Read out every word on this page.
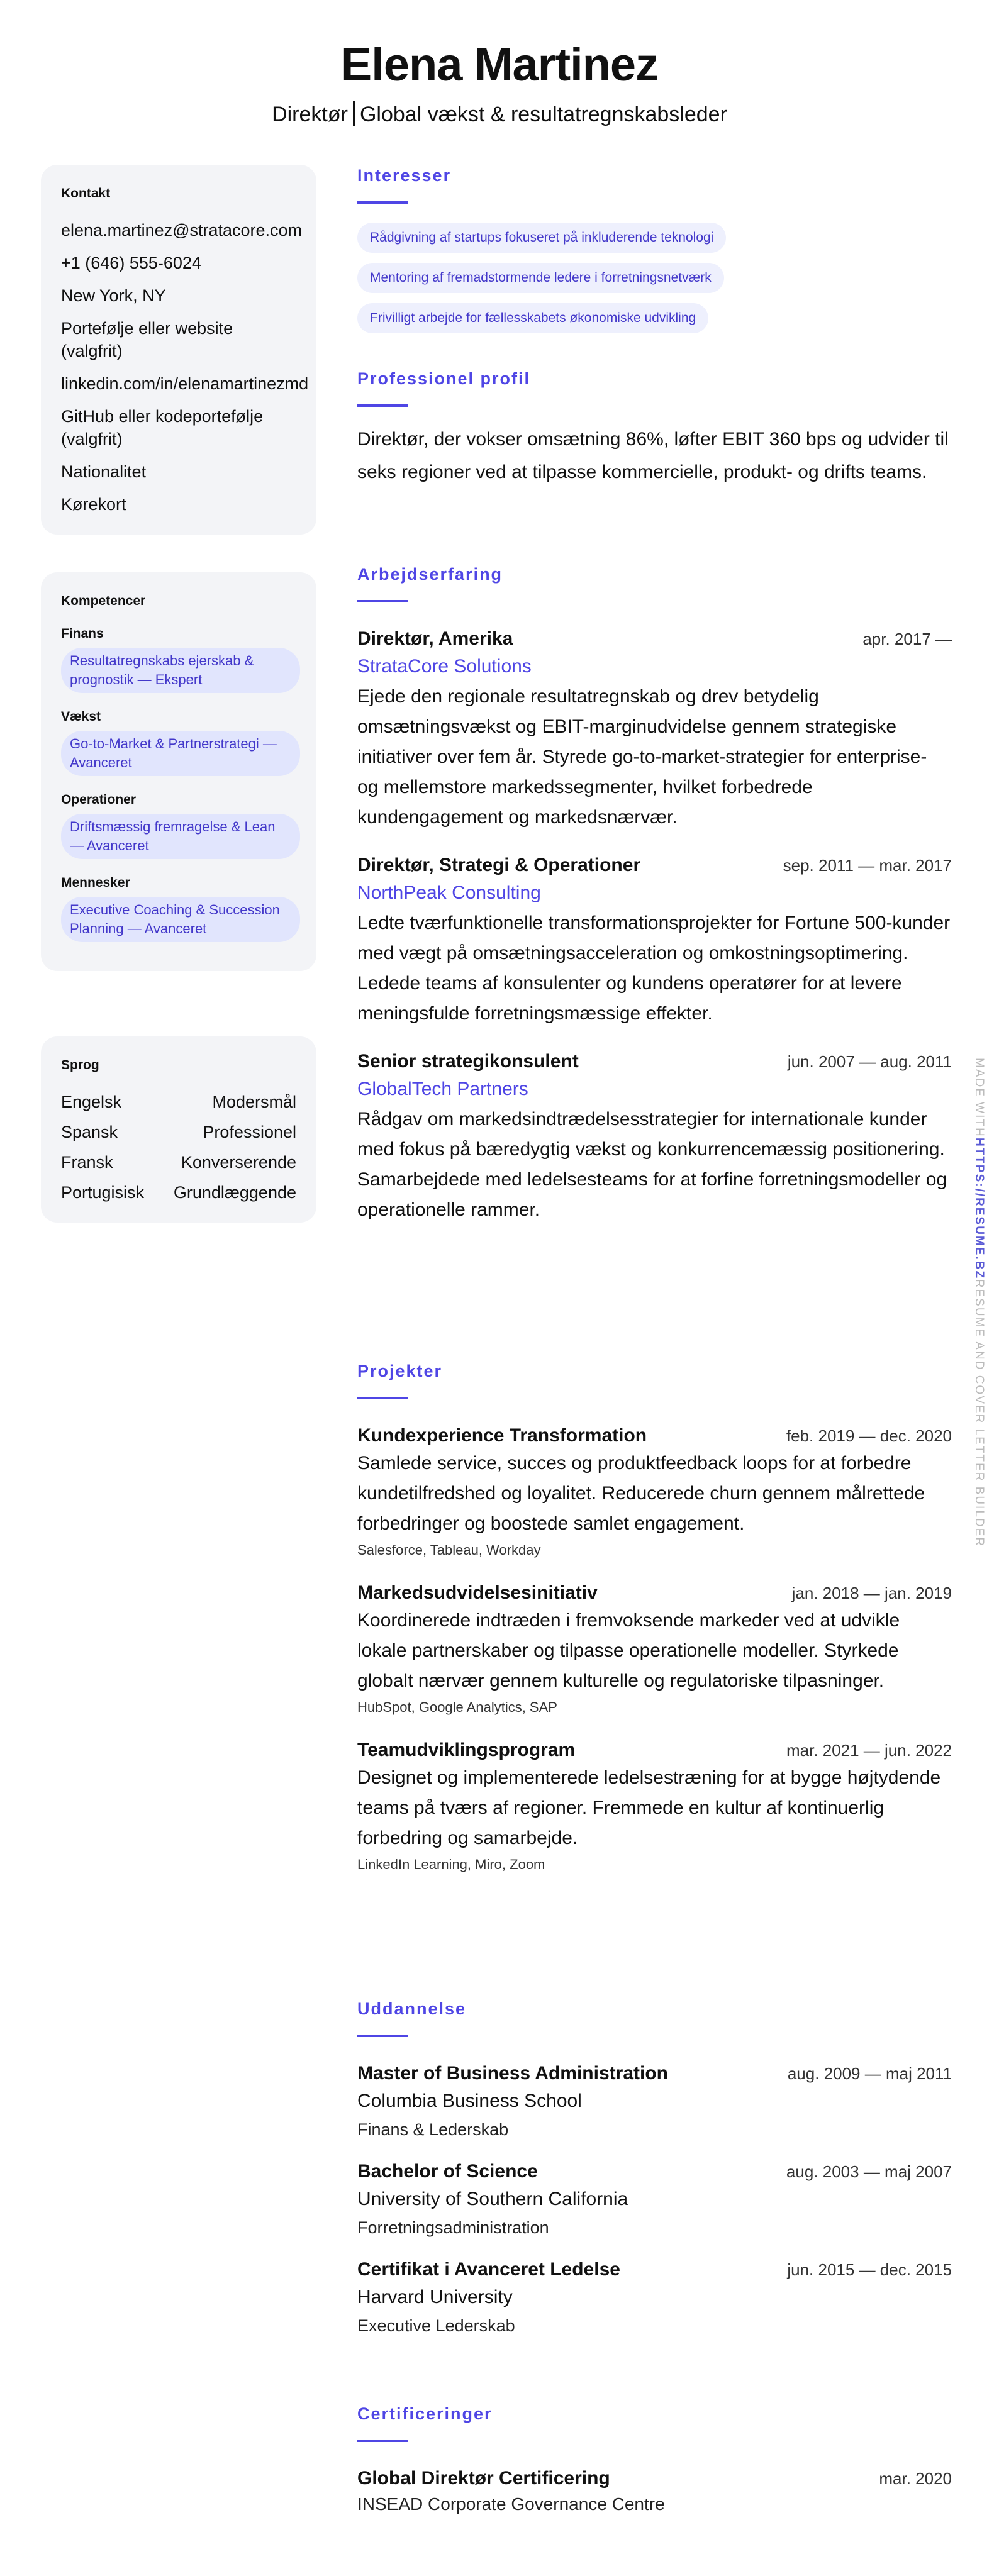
Elena Martinez
Direktør Global vækst & resultatregnskabsleder
Kontakt
elena.martinez@stratacore.com
+1 (646) 555-6024
New York, NY
Portefølje eller website (valgfrit)
linkedin.com/in/elenamartinezmd
GitHub eller kodeportefølje (valgfrit)
Nationalitet
Kørekort
Kompetencer
Finans
Resultatregnskabs ejerskab & prognostik — Ekspert
Vækst
Go-to-Market & Partnerstrategi — Avanceret
Operationer
Driftsmæssig fremragelse & Lean — Avanceret
Mennesker
Executive Coaching & Succession Planning — Avanceret
Sprog
Engelsk	Modersmål
Spansk	Professionel
Fransk	Konverserende
Portugisisk Grundlæggende
Interesser
Rådgivning af startups fokuseret på inkluderende teknologi
Mentoring af fremadstormende ledere i forretningsnetværk
Frivilligt arbejde for fællesskabets økonomiske udvikling
Professionel profil
Direktør, der vokser omsætning 86%, løfter EBIT 360 bps og udvider til seks regioner ved at tilpasse kommercielle, produkt- og drifts teams.
Arbejdserfaring
Direktør, Amerika	apr. 2017 —
StrataCore Solutions
Ejede den regionale resultatregnskab og drev betydelig omsætningsvækst og EBIT-marginudvidelse gennem strategiske initiativer over fem år. Styrede go-to-market-strategier for enterprise- og mellemstore markedssegmenter, hvilket forbedrede kundengagement og markedsnærvær.
Direktør, Strategi & Operationer	sep. 2011 — mar. 2017
NorthPeak Consulting
Ledte tværfunktionelle transformationsprojekter for Fortune 500-kunder med vægt på omsætningsacceleration og omkostningsoptimering. Ledede teams af konsulenter og kundens operatører for at levere meningsfulde forretningsmæssige effekter.
Senior strategikonsulent	jun. 2007 — aug. 2011
GlobalTech Partners
Rådgav om markedsindtrædelsesstrategier for internationale kunder med fokus på bæredygtig vækst og konkurrencemæssig positionering. Samarbejdede med ledelsesteams for at forfine forretningsmodeller og operationelle rammer.
Projekter
Kundexperience Transformation	feb. 2019 — dec. 2020
Samlede service, succes og produktfeedback loops for at forbedre kundetilfredshed og loyalitet. Reducerede churn gennem målrettede forbedringer og boostede samlet engagement.
Salesforce, Tableau, Workday
Markedsudvidelsesinitiativ	jan. 2018 — jan. 2019
Koordinerede indtræden i fremvoksende markeder ved at udvikle lokale partnerskaber og tilpasse operationelle modeller. Styrkede globalt nærvær gennem kulturelle og regulatoriske tilpasninger.
HubSpot, Google Analytics, SAP
Teamudviklingsprogram	mar. 2021 — jun. 2022
Designet og implementerede ledelsestræning for at bygge højtydende teams på tværs af regioner. Fremmede en kultur af kontinuerlig forbedring og samarbejde.
LinkedIn Learning, Miro, Zoom
Uddannelse
Master of Business Administration	aug. 2009 — maj 2011
Columbia Business School
Finans & Lederskab
Bachelor of Science	aug. 2003 — maj 2007
University of Southern California
Forretningsadministration
Certifikat i Avanceret Ledelse	jun. 2015 — dec. 2015
Harvard University
Executive Lederskab
Certificeringer
Global Direktør Certificering	mar. 2020
INSEAD Corporate Governance Centre
MADE WITHHTTPS://RESUME.BZRESUME AND COVER LETTER BUILDER
